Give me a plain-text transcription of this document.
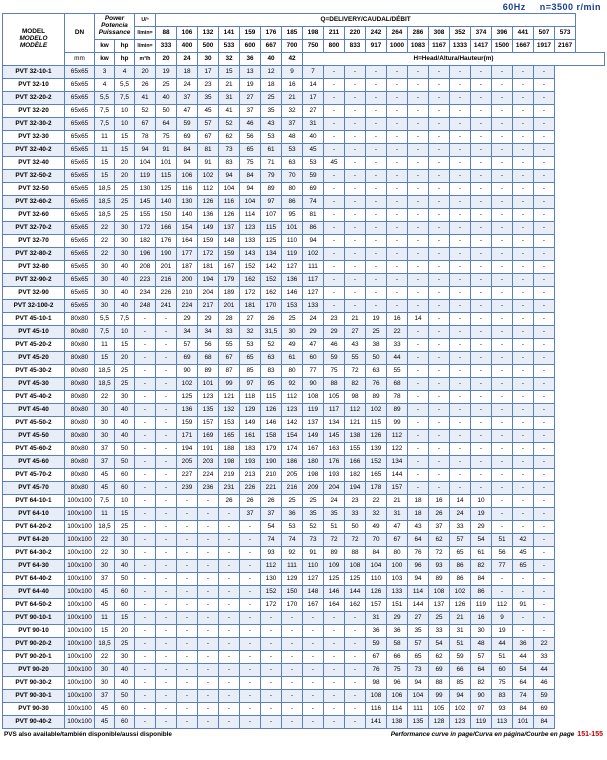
60Hz n=3500 r/min
MODEL
MODELO
MODÈLE
	DN	
Power
Potencia
Puissance
	U/ⁿ	Q=DELIVERY/CAUDAL/DÉBIT
				l/min=	88	106	132	141	159	176	185	198	211	220	242	264	286	308	352	374	396	441	507	573
		kw	hp	l/min=	333	400	500	533	600	667	700	750	800	833	917	1000	1083	1167	1333	1417	1500	1667	1917	2167
	mm	kw	hp	m³/h	20	24	30	32	36	40	42	H=Head/Altura/Hauteur(m)												
PVT 32-10-1	65x65	3	4	20	19	18	17	15	13	12	9	7	-	-	-	-	-	-	-	-	-	-	-	
PVT 32-10	65x65	4	5,5	26	25	24	23	21	19	18	16	14	-	-	-	-	-	-	-	-	-	-	-	
PVT 32-20-2	65x65	5,5	7,5	41	40	37	35	31	27	25	21	17	-	-	-	-	-	-	-	-	-	-	-	
PVT 32-20	65x65	7,5	10	52	50	47	45	41	37	35	32	27	-	-	-	-	-	-	-	-	-	-	-	
PVT 32-30-2	65x65	7,5	10	67	64	59	57	52	46	43	37	31	-	-	-	-	-	-	-	-	-	-	-	
PVT 32-30	65x65	11	15	78	75	69	67	62	56	53	48	40	-	-	-	-	-	-	-	-	-	-	-	
PVT 32-40-2	65x65	11	15	94	91	84	81	73	65	61	53	45	-	-	-	-	-	-	-	-	-	-	-	
PVT 32-40	65x65	15	20	104	101	94	91	83	75	71	63	53	45	-	-	-	-	-	-	-	-	-	-	
PVT 32-50-2	65x65	15	20	119	115	106	102	94	84	79	70	59	-	-	-	-	-	-	-	-	-	-	-	
PVT 32-50	65x65	18,5	25	130	125	116	112	104	94	89	80	69	-	-	-	-	-	-	-	-	-	-	-	
PVT 32-60-2	65x65	18,5	25	145	140	130	126	116	104	97	86	74	-	-	-	-	-	-	-	-	-	-	-	
PVT 32-60	65x65	18,5	25	155	150	140	136	126	114	107	95	81	-	-	-	-	-	-	-	-	-	-	-	
PVT 32-70-2	65x65	22	30	172	166	154	149	137	123	115	101	86	-	-	-	-	-	-	-	-	-	-	-	
PVT 32-70	65x65	22	30	182	176	164	159	148	133	125	110	94	-	-	-	-	-	-	-	-	-	-	-	
PVT 32-80-2	65x65	22	30	196	190	177	172	159	143	134	119	102	-	-	-	-	-	-	-	-	-	-	-	
PVT 32-80	65x65	30	40	208	201	187	181	167	152	142	127	111	-	-	-	-	-	-	-	-	-	-	-	
PVT 32-90-2	65x65	30	40	223	216	200	194	179	162	152	136	117	-	-	-	-	-	-	-	-	-	-	-	
PVT 32-90	65x65	30	40	234	226	210	204	189	172	162	146	127	-	-	-	-	-	-	-	-	-	-	-	
PVT 32-100-2	65x65	30	40	248	241	224	217	201	181	170	153	133	-	-	-	-	-	-	-	-	-	-	-	
PVT 45-10-1	80x80	5,5	7,5	-	-	29	29	28	27	26	25	24	23	21	19	16	14	-	-	-	-	-	-	
PVT 45-10	80x80	7,5	10	-	-	34	34	33	32	31,5	30	29	29	27	25	22	-	-	-	-	-	-	-	
PVT 45-20-2	80x80	11	15	-	-	57	56	55	53	52	49	47	46	43	38	33	-	-	-	-	-	-	-	
PVT 45-20	80x80	15	20	-	-	69	68	67	65	63	61	60	59	55	50	44	-	-	-	-	-	-	-	
PVT 45-30-2	80x80	18,5	25	-	-	90	89	87	85	83	80	77	75	72	63	55	-	-	-	-	-	-	-	
PVT 45-30	80x80	18,5	25	-	-	102	101	99	97	95	92	90	88	82	76	68	-	-	-	-	-	-	-	
PVT 45-40-2	80x80	22	30	-	-	125	123	121	118	115	112	108	105	98	89	78	-	-	-	-	-	-	-	
PVT 45-40	80x80	30	40	-	-	136	135	132	129	126	123	119	117	112	102	89	-	-	-	-	-	-	-	
PVT 45-50-2	80x80	30	40	-	-	159	157	153	149	146	142	137	134	121	115	99	-	-	-	-	-	-	-	
PVT 45-50	80x80	30	40	-	-	171	169	165	161	158	154	149	145	138	126	112	-	-	-	-	-	-	-	
PVT 45-60-2	80x80	37	50	-	-	194	191	188	183	179	174	167	163	155	139	122	-	-	-	-	-	-	-	
PVT 45-60	80x80	37	50	-	-	205	203	198	193	190	186	180	176	166	152	134	-	-	-	-	-	-	-	
PVT 45-70-2	80x80	45	60	-	-	227	224	219	213	210	205	198	193	182	165	144	-	-	-	-	-	-	-	
PVT 45-70	80x80	45	60	-	-	239	236	231	226	221	216	209	204	194	178	157	-	-	-	-	-	-	-	
PVT 64-10-1	100x100	7,5	10	-	-	-	-	26	26	26	25	25	24	23	22	21	18	16	14	10	-	-	-	
PVT 64-10	100x100	11	15	-	-	-	-	-	37	37	36	35	35	33	32	31	18	26	24	19	-	-	-	
PVT 64-20-2	100x100	18,5	25	-	-	-	-	-	-	54	53	52	51	50	49	47	43	37	33	29	-	-	-	
PVT 64-20	100x100	22	30	-	-	-	-	-	-	74	74	73	72	72	70	67	64	62	57	54	51	42	-	
PVT 64-30-2	100x100	22	30	-	-	-	-	-	-	93	92	91	89	88	84	80	76	72	65	61	56	45	-	
PVT 64-30	100x100	30	40	-	-	-	-	-	-	112	111	110	109	108	104	100	96	93	86	82	77	65	-	
PVT 64-40-2	100x100	37	50	-	-	-	-	-	-	130	129	127	125	125	110	103	94	89	86	84	-	-	-	
PVT 64-40	100x100	45	60	-	-	-	-	-	-	152	150	148	146	144	126	133	114	108	102	86	-	-	-	
PVT 64-50-2	100x100	45	60	-	-	-	-	-	-	172	170	167	164	162	157	151	144	137	126	119	112	91	-	
PVT 90-10-1	100x100	11	15	-	-	-	-	-	-	-	-	-	-	-	31	29	27	25	21	16	9	-	-	
PVT 90-10	100x100	15	20	-	-	-	-	-	-	-	-	-	-	-	36	36	35	33	31	30	19	-	-	
PVT 90-20-2	100x100	18,5	25	-	-	-	-	-	-	-	-	-	-	-	59	58	57	54	51	48	44	36	22	
PVT 90-20-1	100x100	22	30	-	-	-	-	-	-	-	-	-	-	-	67	66	65	62	59	57	51	44	33	
PVT 90-20	100x100	30	40	-	-	-	-	-	-	-	-	-	-	-	76	75	73	69	66	64	60	54	44	
PVT 90-30-2	100x100	30	40	-	-	-	-	-	-	-	-	-	-	-	98	96	94	88	85	82	75	64	46	
PVT 90-30-1	100x100	37	50	-	-	-	-	-	-	-	-	-	-	-	108	106	104	99	94	90	83	74	59	
PVT 90-30	100x100	45	60	-	-	-	-	-	-	-	-	-	-	-	116	114	111	105	102	97	93	84	69	
PVT 90-40-2	100x100	45	60	-	-	-	-	-	-	-	-	-	-	-	141	138	135	128	123	119	113	101	84	
PVS also available/también disponible/aussi disponible	Performance curve in page/Curva en página/Courbe en page 151-155
